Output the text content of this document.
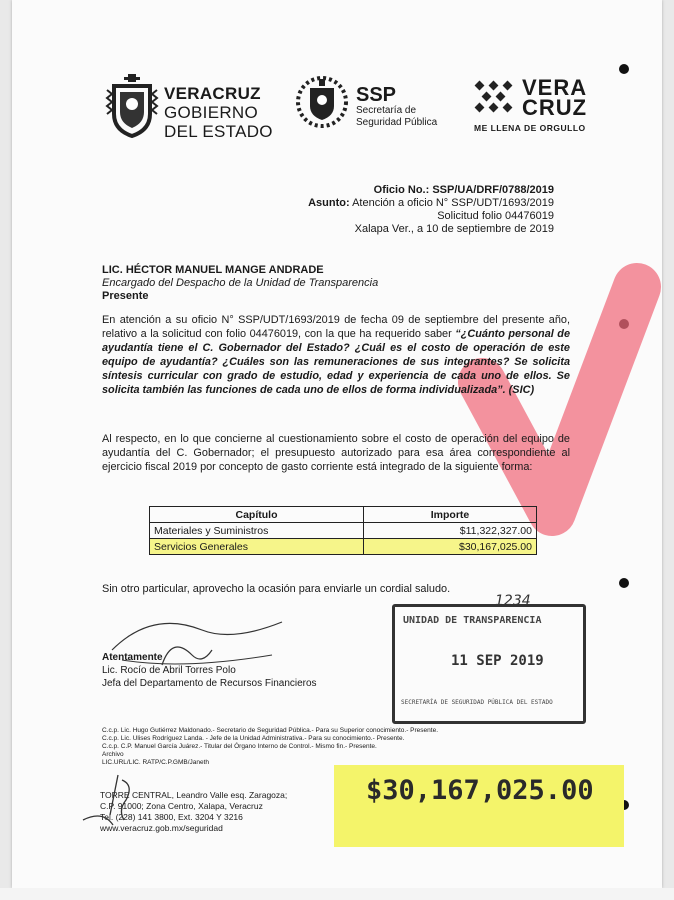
VERACRUZ
GOBIERNO
DEL ESTADO
SSP
Secretaría de
Seguridad Pública
VERA
CRUZ
ME LLENA DE ORGULLO
Oficio No.: SSP/UA/DRF/0788/2019
Asunto: Atención a oficio N° SSP/UDT/1693/2019
Solicitud folio 04476019
Xalapa Ver., a 10 de septiembre de 2019
LIC. HÉCTOR MANUEL MANGE ANDRADE
Encargado del Despacho de la Unidad de Transparencia
Presente
En atención a su oficio N° SSP/UDT/1693/2019 de fecha 09 de septiembre del presente año, relativo a la solicitud con folio 04476019, con la que ha requerido saber “¿Cuánto personal de ayudantía tiene el C. Gobernador del Estado? ¿Cuál es el costo de operación de este equipo de ayudantía? ¿Cuáles son las remuneraciones de sus integrantes? Se solicita síntesis curricular con grado de estudio, edad y experiencia de cada uno de ellos. Se solicita también las funciones de cada uno de ellos de forma individualizada”. (SIC)
Al respecto, en lo que concierne al cuestionamiento sobre el costo de operación del equipo de ayudantía del C. Gobernador; el presupuesto autorizado para esa área correspondiente al ejercicio fiscal 2019 por concepto de gasto corriente está integrado de la siguiente forma:
Capítulo	Importe
Materiales y Suministros	$11,322,327.00
Servicios Generales	$30,167,025.00
Sin otro particular, aprovecho la ocasión para enviarle un cordial saludo.
Atentamente
Lic. Rocío de Abril Torres Polo
Jefa del Departamento de Recursos Financieros
1234
UNIDAD DE TRANSPARENCIA
11 SEP 2019
SECRETARÍA DE SEGURIDAD PÚBLICA DEL ESTADO
C.c.p. Lic. Hugo Gutiérrez Maldonado.- Secretario de Seguridad Pública.- Para su Superior conocimiento.- Presente.
C.c.p. Lic. Ulises Rodríguez Landa. - Jefe de la Unidad Administrativa.- Para su conocimiento.- Presente.
C.c.p. C.P. Manuel García Juárez.- Titular del Órgano Interno de Control.- Mismo fin.- Presente.
Archivo
LIC.URL/LIC. RATP/C.P.GMB/Janeth
TORRE CENTRAL, Leandro Valle esq. Zaragoza;
C.P. 91000; Zona Centro, Xalapa, Veracruz
Tel. (228) 141 3800, Ext. 3204 Y 3216
www.veracruz.gob.mx/seguridad
$30,167,025.00
